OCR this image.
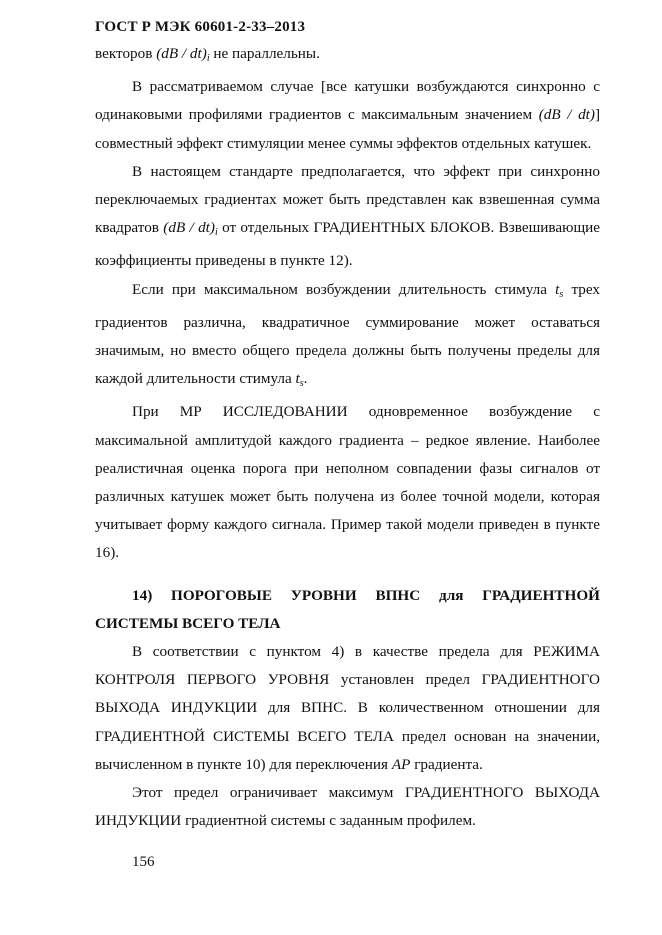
ГОСТ Р МЭК 60601-2-33–2013

векторов $(dB / dt)_i$ не параллельны.

В рассматриваемом случае [все катушки возбуждаются синхронно с одинаковыми профилями градиентов с максимальным значением (dB / dt)] совместный эффект стимуляции менее суммы эффектов отдельных катушек.

В настоящем стандарте предполагается, что эффект при синхронно переключаемых градиентах может быть представлен как взвешенная сумма квадратов $(dB / dt)_i$ от отдельных ГРАДИЕНТНЫХ БЛОКОВ. Взвешивающие коэффициенты приведены в пункте 12).

Если при максимальном возбуждении длительность стимула $t_s$ трех градиентов различна, квадратичное суммирование может оставаться значимым, но вместо общего предела должны быть получены пределы для каждой длительности стимула $t_s$.

При МР ИССЛЕДОВАНИИ одновременное возбуждение с максимальной амплитудой каждого градиента – редкое явление. Наиболее реалистичная оценка порога при неполном совпадении фазы сигналов от различных катушек может быть получена из более точной модели, которая учитывает форму каждого сигнала. Пример такой модели приведен в пункте 16).

14) ПОРОГОВЫЕ УРОВНИ ВПНС для ГРАДИЕНТНОЙ СИСТЕМЫ ВСЕГО ТЕЛА

В соответствии с пунктом 4) в качестве предела для РЕЖИМА КОНТРОЛЯ ПЕРВОГО УРОВНЯ установлен предел ГРАДИЕНТНОГО ВЫХОДА ИНДУКЦИИ для ВПНС. В количественном отношении для ГРАДИЕНТНОЙ СИСТЕМЫ ВСЕГО ТЕЛА предел основан на значении, вычисленном в пункте 10) для переключения АР градиента.

Этот предел ограничивает максимум ГРАДИЕНТНОГО ВЫХОДА ИНДУКЦИИ градиентной системы с заданным профилем.

156
